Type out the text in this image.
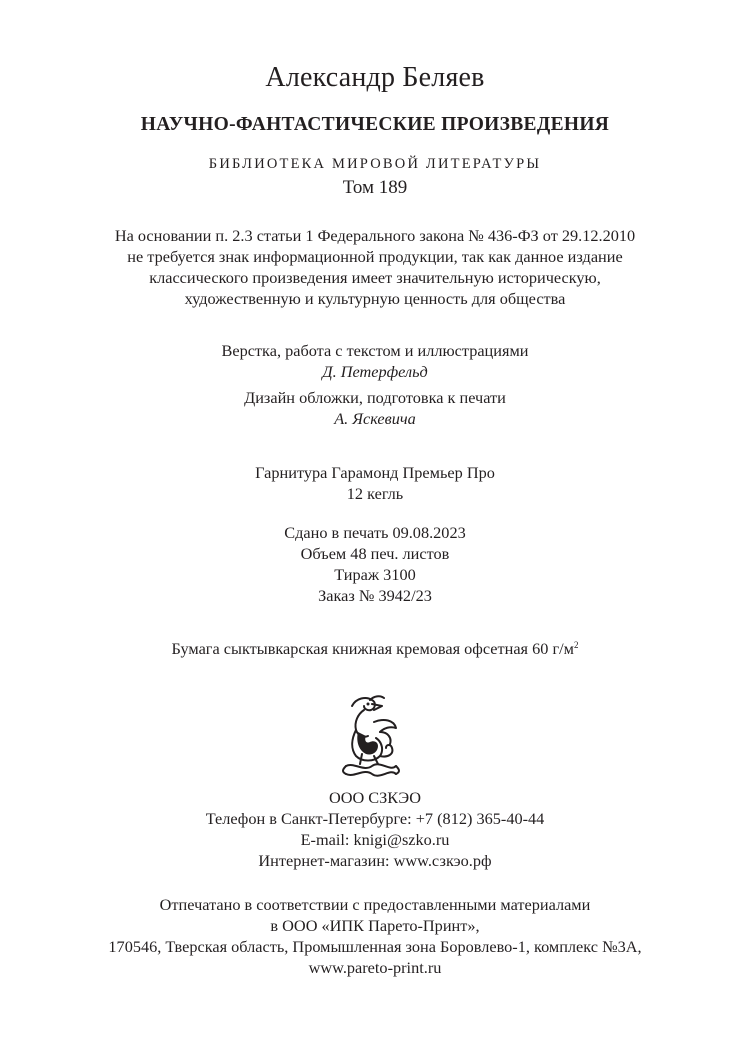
Александр Беляев
НАУЧНО-ФАНТАСТИЧЕСКИЕ ПРОИЗВЕДЕНИЯ
БИБЛИОТЕКА МИРОВОЙ ЛИТЕРАТУРЫ
Том 189
На основании п. 2.3 статьи 1 Федерального закона № 436-ФЗ от 29.12.2010
не требуется знак информационной продукции, так как данное издание
классического произведения имеет значительную историческую,
художественную и культурную ценность для общества
Верстка, работа с текстом и иллюстрациями
Д. Петерфельд
Дизайн обложки, подготовка к печати
А. Яскевича
Гарнитура Гарамонд Премьер Про
12 кегль
Сдано в печать 09.08.2023
Объем 48 печ. листов
Тираж 3100
Заказ № 3942/23
Бумага сыктывкарская книжная кремовая офсетная 60 $г/м^2$
ООО СЗКЭО
Телефон в Санкт-Петербурге: +7 (812) 365-40-44
E-mail: knigi@szko.ru
Интернет-магазин: www.сзкэо.рф
Отпечатано в соответствии с предоставленными материалами
в ООО «ИПК Парето-Принт»,
170546, Тверская область, Промышленная зона Боровлево-1, комплекс №3А,
www.pareto-print.ru
